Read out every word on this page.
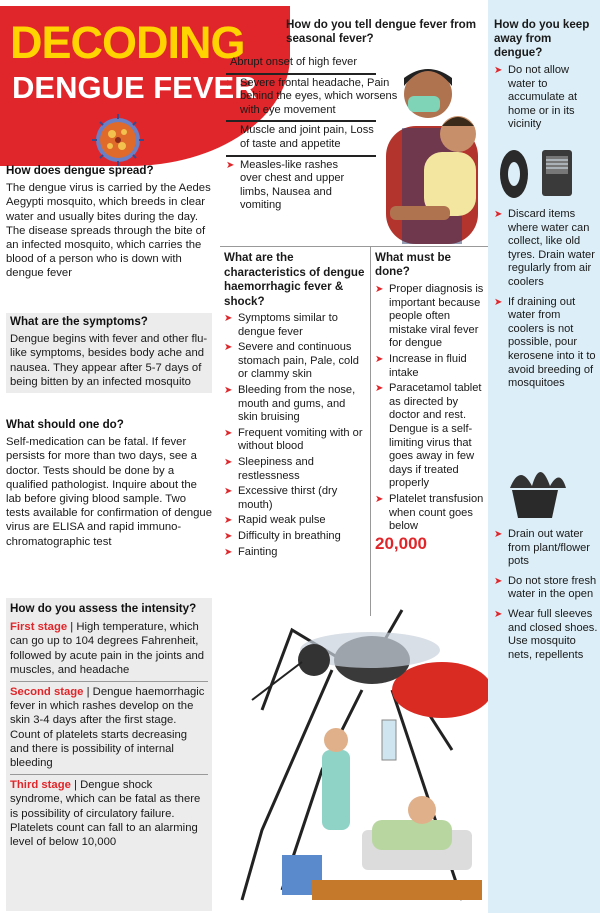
DECODING
DENGUE FEVER
How does dengue spread?
The dengue virus is carried by the Aedes Aegypti mosquito, which breeds in clear water and usually bites during the day. The disease spreads through the bite of an infected mosquito, which carries the blood of a person who is down with dengue fever
What are the symptoms?
Dengue begins with fever and other flu-like symptoms, besides body ache and nausea. They appear after 5-7 days of being bitten by an infected mosquito
What should one do?
Self-medication can be fatal. If fever persists for more than two days, see a doctor. Tests should be done by a qualified pathologist. Inquire about the lab before giving blood sample. Two tests available for confirmation of dengue virus are ELISA and rapid immuno-chromatographic test
How do you assess the intensity?
First stage | High temperature, which can go up to 104 degrees Fahrenheit, followed by acute pain in the joints and muscles, and headache
Second stage | Dengue haemorrhagic fever in which rashes develop on the skin 3-4 days after the first stage. Count of platelets starts decreasing and there is possibility of internal bleeding
Third stage | Dengue shock syndrome, which can be fatal as there is possibility of circulatory failure. Platelets count can fall to an alarming level of below 10,000
How do you tell dengue fever from seasonal fever?
➤ Abrupt onset of high fever
➤ Severe frontal headache, Pain behind the eyes, which worsens with eye movement
➤ Muscle and joint pain, Loss of taste and appetite
➤ Measles-like rashes over chest and upper limbs, Nausea and vomiting
What are the characteristics of dengue haemorrhagic fever & shock?
➤ Symptoms similar to dengue fever
➤ Severe and continuous stomach pain, Pale, cold or clammy skin
➤ Bleeding from the nose, mouth and gums, and skin bruising
➤ Frequent vomiting with or without blood
➤ Sleepiness and restlessness
➤ Excessive thirst (dry mouth)
➤ Rapid weak pulse
➤ Difficulty in breathing
➤ Fainting
What must be done?
➤ Proper diagnosis is important because people often mistake viral fever for dengue
➤ Increase in fluid intake
➤ Paracetamol tablet as directed by doctor and rest. Dengue is a self-limiting virus that goes away in few days if treated properly
➤ Platelet transfusion when count goes below
20,000
How do you keep away from dengue?
➤ Do not allow water to accumulate at home or in its vicinity
➤ Discard items where water can collect, like old tyres. Drain water regularly from air coolers
➤ If draining out water from coolers is not possible, pour kerosene into it to avoid breeding of mosquitoes
➤ Drain out water from plant/flower pots
➤ Do not store fresh water in the open
➤ Wear full sleeves and closed shoes. Use mosquito nets, repellents
